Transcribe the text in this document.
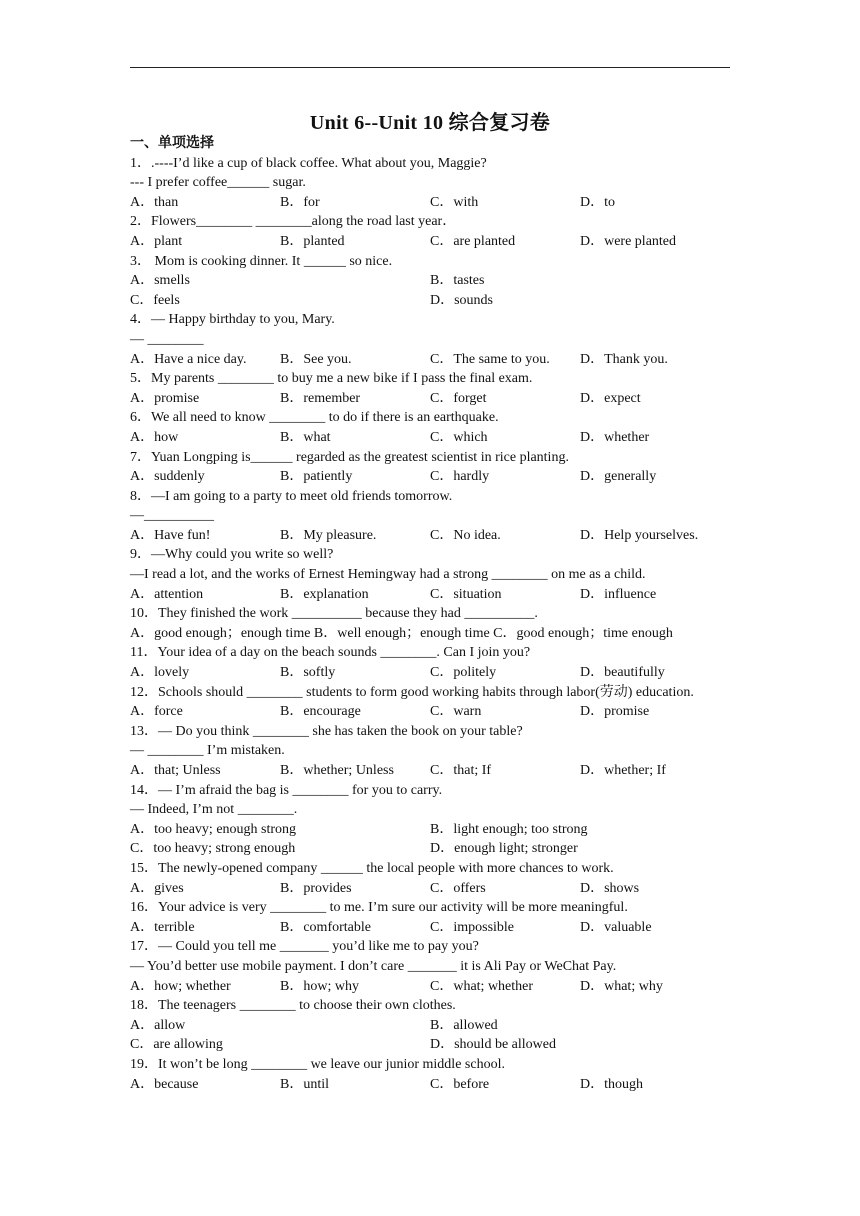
Unit 6--Unit 10 综合复习卷
一、单项选择
1．.----I’d like a cup of black coffee. What about you, Maggie?
--- I prefer coffee______ sugar.
A．than	B．for	C．with	D．to
2．Flowers________ ________along the road last year．
A．plant	B．planted	C．are planted	D．were planted
3． Mom is cooking dinner. It ______ so nice.
A．smells	B．tastes
C．feels	D．sounds
4．— Happy birthday to you, Mary.
— ________
A．Have a nice day. B．See you.	C．The same to you. D．Thank you.
5．My parents ________ to buy me a new bike if I pass the final exam.
A．promise	B．remember	C．forget	D．expect
6．We all need to know ________ to do if there is an earthquake.
A．how	B．what	C．which	D．whether
7．Yuan Longping is______ regarded as the greatest scientist in rice planting.
A．suddenly	B．patiently	C．hardly	D．generally
8．—I am going to a party to meet old friends tomorrow.
—__________
A．Have fun!	B．My pleasure.	C．No idea.	D．Help yourselves.
9．—Why could you write so well?
—I read a lot, and the works of Ernest Hemingway had a strong ________ on me as a child.
A．attention	B．explanation	C．situation	D．influence
10．They finished the work __________ because they had __________.
A．good enough；enough time B．well enough；enough time C．good enough；time enough
11．Your idea of a day on the beach sounds ________. Can I join you?
A．lovely	B．softly	C．politely	D．beautifully
12．Schools should ________ students to form good working habits through labor(劳动) education.
A．force	B．encourage	C．warn	D．promise
13．— Do you think ________ she has taken the book on your table?
— ________ I’m mistaken.
A．that; Unless	B．whether; Unless	C．that; If	D．whether; If
14．— I’m afraid the bag is ________ for you to carry.
— Indeed, I’m not ________.
A．too heavy; enough strong	B．light enough; too strong
C．too heavy; strong enough	D．enough light; stronger
15．The newly-opened company ______ the local people with more chances to work.
A．gives	B．provides	C．offers	D．shows
16．Your advice is very ________ to me. I’m sure our activity will be more meaningful.
A．terrible	B．comfortable	C．impossible	D．valuable
17．— Could you tell me _______ you’d like me to pay you?
— You’d better use mobile payment. I don’t care _______ it is Ali Pay or WeChat Pay.
A．how; whether	B．how; why	C．what; whether	D．what; why
18．The teenagers ________ to choose their own clothes.
A．allow	B．allowed
C．are allowing	D．should be allowed
19．It won’t be long ________ we leave our junior middle school.
A．because	B．until	C．before	D．though
